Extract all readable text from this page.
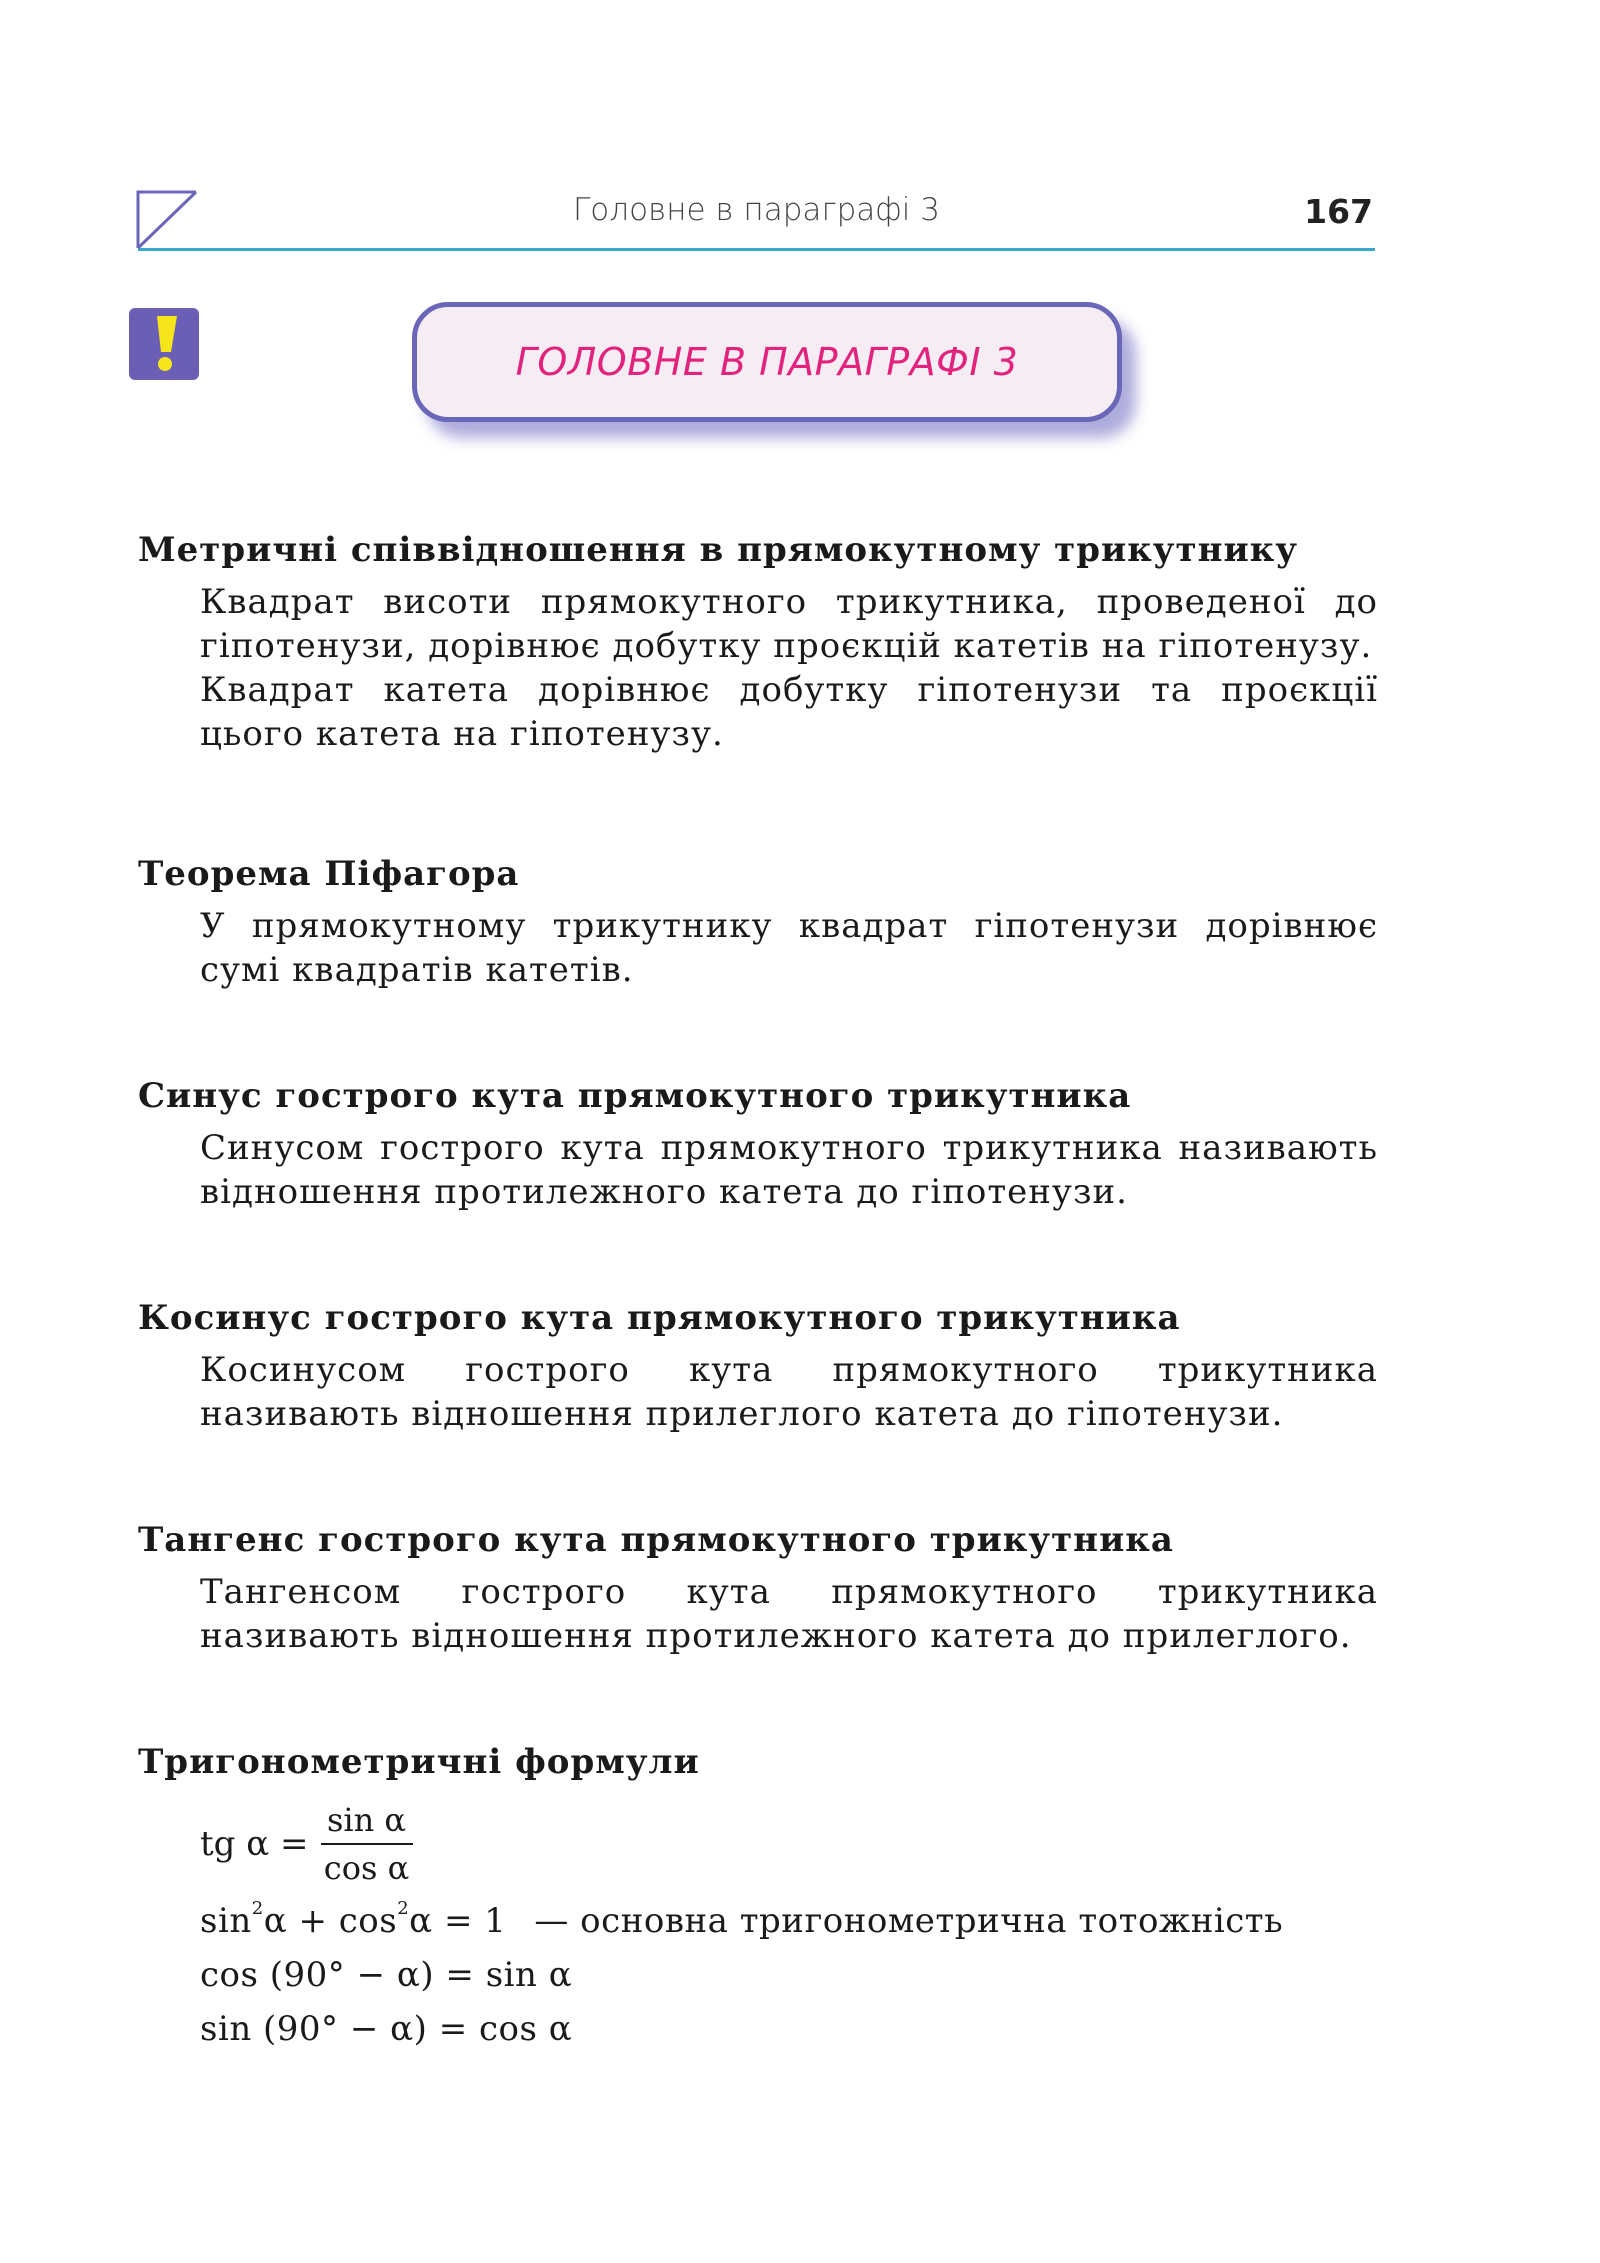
Головне в параграфі 3	167
ГОЛОВНЕ В ПАРАГРАФІ 3
Метричні співвідношення в прямокутному трикутнику

Квадрат висоти прямокутного трикутника, проведеної до гіпотенузи, дорівнює добутку проєкцій катетів на гіпотенузу.

Квадрат катета дорівнює добутку гіпотенузи та проєкції цього катета на гіпотенузу.

Теорема Піфагора

У прямокутному трикутнику квадрат гіпотенузи дорівнює сумі квадратів катетів.

Синус гострого кута прямокутного трикутника

Синусом гострого кута прямокутного трикутника називають відношення протилежного катета до гіпотенузи.

Косинус гострого кута прямокутного трикутника

Косинусом гострого кута прямокутного трикутника називають відношення прилеглого катета до гіпотенузи.

Тангенс гострого кута прямокутного трикутника

Тангенсом гострого кута прямокутного трикутника називають відношення протилежного катета до прилеглого.

Тригонометричні формули
tg $\alpha = \frac{\text{sin α}}{\text{cos α}}$
$\sin^2\alpha + \cos^2\alpha = 1$ — основна тригонометрична тотожність
cos (90° − α) = sin α
sin (90° − α) = cos α
